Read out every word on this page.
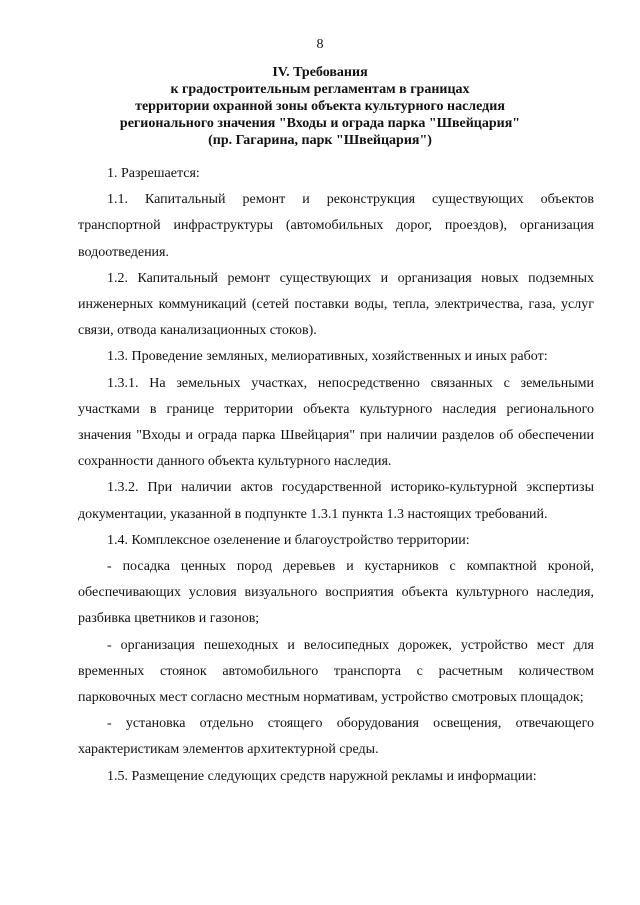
8
IV. Требования
к градостроительным регламентам в границах
территории охранной зоны объекта культурного наследия
регионального значения "Входы и ограда парка "Швейцария"
(пр. Гагарина, парк "Швейцария")

1. Разрешается:

1.1. Капитальный ремонт и реконструкция существующих объектов транспортной инфраструктуры (автомобильных дорог, проездов), организация водоотведения.

1.2. Капитальный ремонт существующих и организация новых подземных инженерных коммуникаций (сетей поставки воды, тепла, электричества, газа, услуг связи, отвода канализационных стоков).

1.3. Проведение земляных, мелиоративных, хозяйственных и иных работ:

1.3.1. На земельных участках, непосредственно связанных с земельными участками в границе территории объекта культурного наследия регионального значения "Входы и ограда парка Швейцария" при наличии разделов об обеспечении сохранности данного объекта культурного наследия.

1.3.2. При наличии актов государственной историко-культурной экспертизы документации, указанной в подпункте 1.3.1 пункта 1.3 настоящих требований.

1.4. Комплексное озеленение и благоустройство территории:

- посадка ценных пород деревьев и кустарников с компактной кроной, обеспечивающих условия визуального восприятия объекта культурного наследия, разбивка цветников и газонов;

- организация пешеходных и велосипедных дорожек, устройство мест для временных стоянок автомобильного транспорта с расчетным количеством парковочных мест согласно местным нормативам, устройство смотровых площадок;

- установка отдельно стоящего оборудования освещения, отвечающего характеристикам элементов архитектурной среды.

1.5. Размещение следующих средств наружной рекламы и информации:
